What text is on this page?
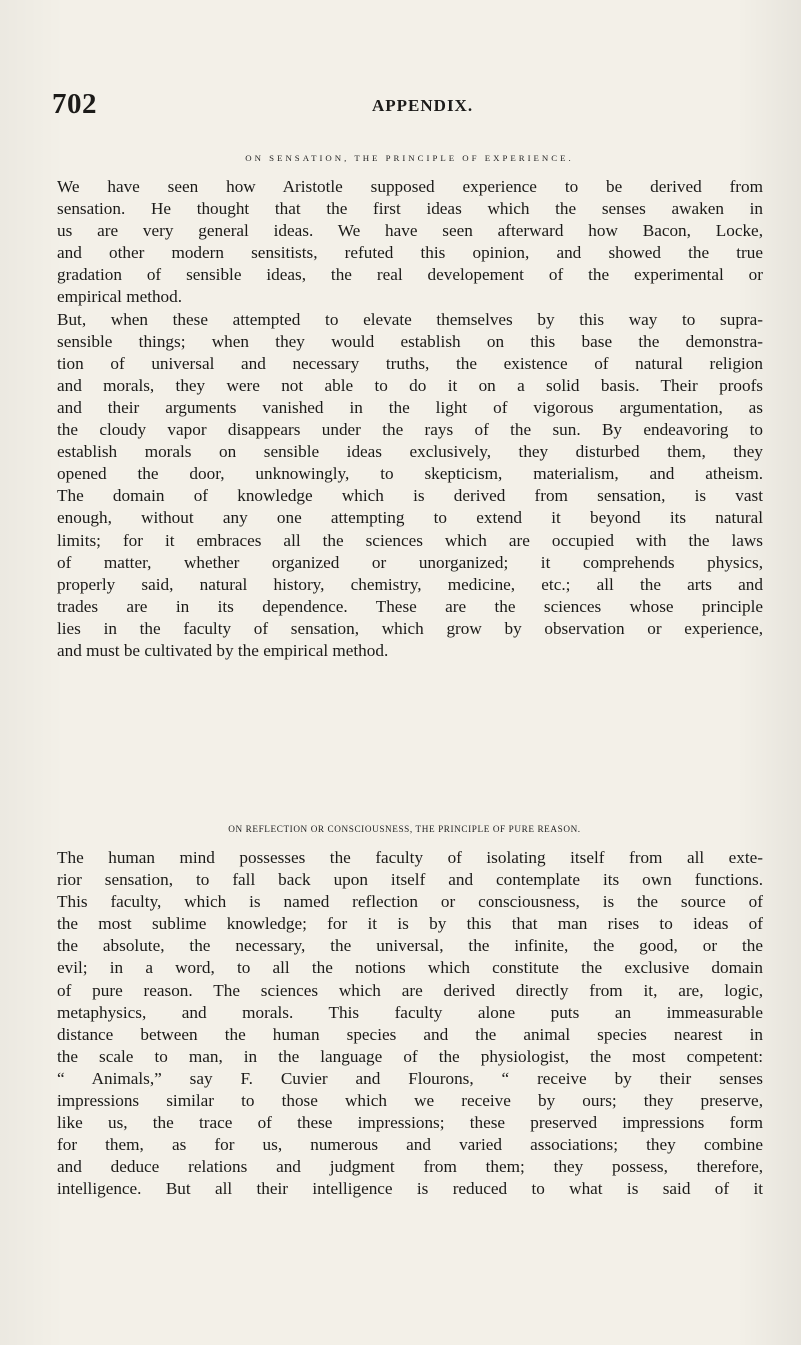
702	APPENDIX.
ON SENSATION, THE PRINCIPLE OF EXPERIENCE.
We have seen how Aristotle supposed experience to be derived from
sensation. He thought that the first ideas which the senses awaken in
us are very general ideas. We have seen afterward how Bacon, Locke,
and other modern sensitists, refuted this opinion, and showed the true
gradation of sensible ideas, the real developement of the experimental or
empirical method.
But, when these attempted to elevate themselves by this way to supra-
sensible things; when they would establish on this base the demonstra-
tion of universal and necessary truths, the existence of natural religion
and morals, they were not able to do it on a solid basis. Their proofs
and their arguments vanished in the light of vigorous argumentation, as
the cloudy vapor disappears under the rays of the sun. By endeavoring to
establish morals on sensible ideas exclusively, they disturbed them, they
opened the door, unknowingly, to skepticism, materialism, and atheism.
The domain of knowledge which is derived from sensation, is vast
enough, without any one attempting to extend it beyond its natural
limits; for it embraces all the sciences which are occupied with the laws
of matter, whether organized or unorganized; it comprehends physics,
properly said, natural history, chemistry, medicine, etc.; all the arts and
trades are in its dependence. These are the sciences whose principle
lies in the faculty of sensation, which grow by observation or experience,
and must be cultivated by the empirical method.
ON REFLECTION OR CONSCIOUSNESS, THE PRINCIPLE OF PURE REASON.
The human mind possesses the faculty of isolating itself from all exte-
rior sensation, to fall back upon itself and contemplate its own functions.
This faculty, which is named reflection or consciousness, is the source of
the most sublime knowledge; for it is by this that man rises to ideas of
the absolute, the necessary, the universal, the infinite, the good, or the
evil; in a word, to all the notions which constitute the exclusive domain
of pure reason. The sciences which are derived directly from it, are, logic,
metaphysics, and morals. This faculty alone puts an immeasurable
distance between the human species and the animal species nearest in
the scale to man, in the language of the physiologist, the most competent:
“ Animals,” say F. Cuvier and Flourons, “ receive by their senses
impressions similar to those which we receive by ours; they preserve,
like us, the trace of these impressions; these preserved impressions form
for them, as for us, numerous and varied associations; they combine
and deduce relations and judgment from them; they possess, therefore,
intelligence. But all their intelligence is reduced to what is said of it
